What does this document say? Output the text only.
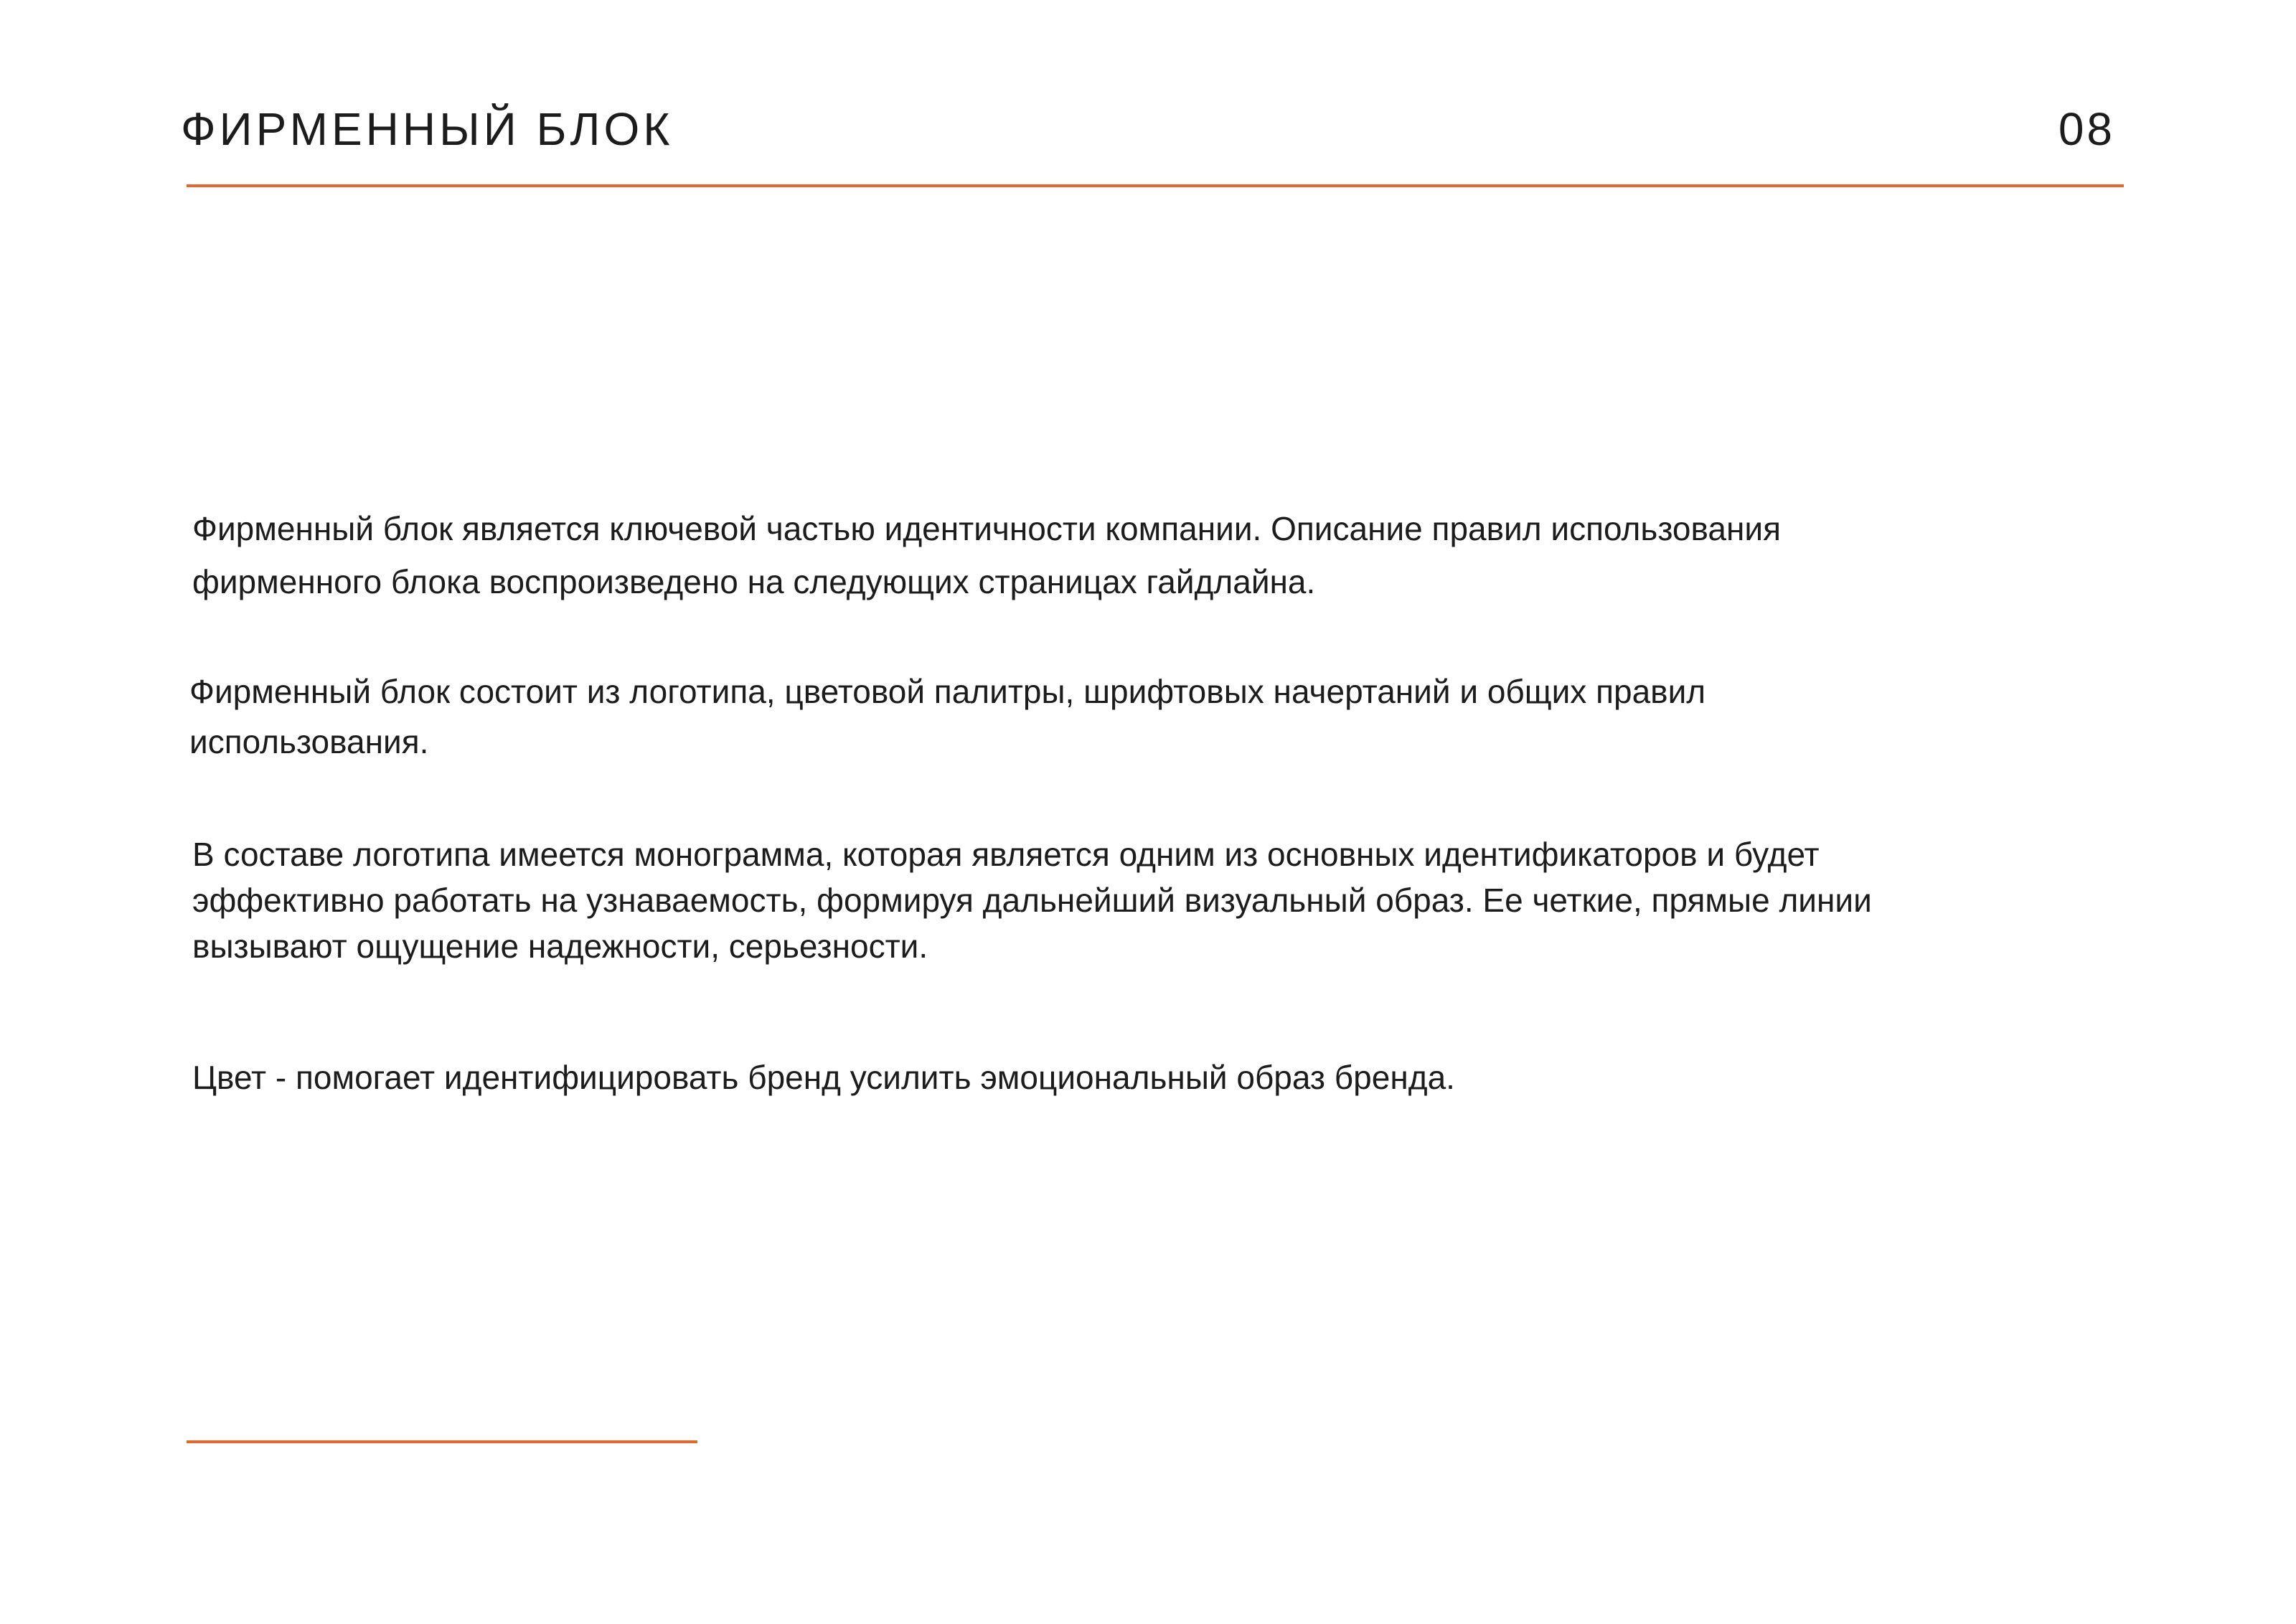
ФИРМЕННЫЙ БЛОК	08

Фирменный блок является ключевой частью идентичности компании. Описание правил использования
фирменного блока воспроизведено на следующих страницах гайдлайна.

Фирменный блок состоит из логотипа, цветовой палитры, шрифтовых начертаний и общих правил
использования.

В составе логотипа имеется монограмма, которая является одним из основных идентификаторов и будет
эффективно работать на узнаваемость, формируя дальнейший визуальный образ. Ее четкие, прямые линии
вызывают ощущение надежности, серьезности.

Цвет - помогает идентифицировать бренд усилить эмоциональный образ бренда.
